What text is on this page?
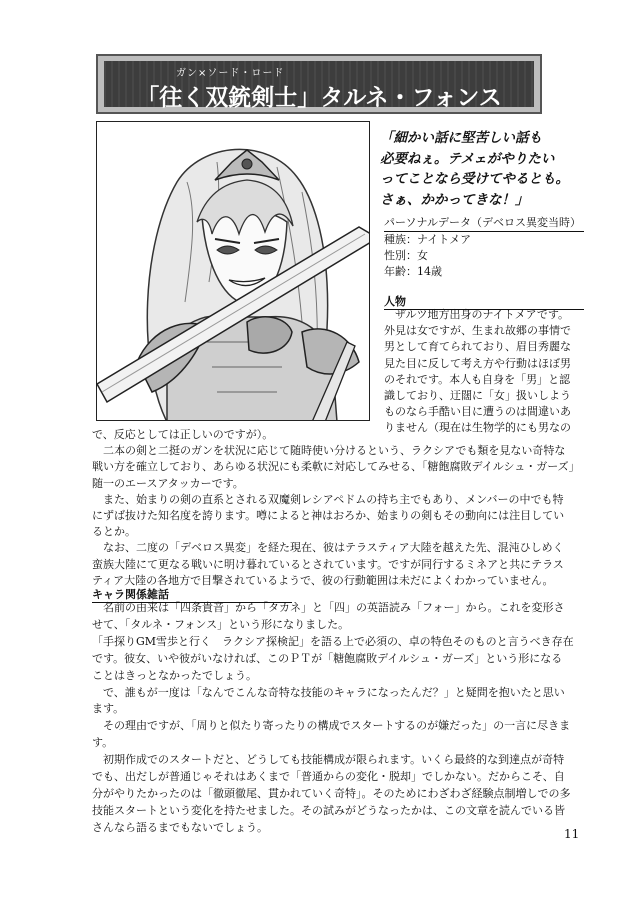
ガン×ソード・ロード
「往く双銃剣士」タルネ・フォンス
「細かい話に堅苦しい話も
必要ねぇ。テメェがやりたい
ってことなら受けてやるとも。
さぁ、かかってきな！」
パーソナルデータ（デベロス異変当時）
種族：ナイトメア
性別：女
年齢：14歳
人物
　ザルツ地方出身のナイトメアです。
外見は女ですが、生まれ故郷の事情で
男として育てられており、眉目秀麗な
見た目に反して考え方や行動はほぼ男
のそれです。本人も自身を「男」と認
識しており、迂闊に「女」扱いしよう
ものなら手酷い目に遭うのは間違いあ
りません（現在は生物学的にも男なの
で、反応としては正しいのですが）。
　二本の剣と二挺のガンを状況に応じて随時使い分けるという、ラクシアでも類を見ない奇特な
戦い方を確立しており、あらゆる状況にも柔軟に対応してみせる、「糖飽腐敗デイルシュ・ガーズ」
随一のエースアタッカーです。
　また、始まりの剣の直系とされる双魔剣レシアペドムの持ち主でもあり、メンバーの中でも特
にずば抜けた知名度を誇ります。噂によると神はおろか、始まりの剣もその動向には注目してい
るとか。
　なお、二度の「デベロス異変」を経た現在、彼はテラスティア大陸を越えた先、混沌ひしめく
蛮族大陸にて更なる戦いに明け暮れているとされています。ですが同行するミネアと共にテラス
ティア大陸の各地方で目撃されているようで、彼の行動範囲は未だによくわかっていません。
キャラ関係雑話
　名前の由来は「四条貴音」から「タカネ」と「四」の英語読み「フォー」から。これを変形さ
せて、「タルネ・フォンス」という形になりました。
「手探りGM雪歩と行く　ラクシア探検記」を語る上で必須の、卓の特色そのものと言うべき存在
です。彼女、いや彼がいなければ、このＰＴが「糖飽腐敗デイルシュ・ガーズ」という形になる
ことはきっとなかったでしょう。
　で、誰もが一度は「なんでこんな奇特な技能のキャラになったんだ？」と疑問を抱いたと思い
ます。
　その理由ですが、「周りと似たり寄ったりの構成でスタートするのが嫌だった」の一言に尽きま
す。
　初期作成でのスタートだと、どうしても技能構成が限られます。いくら最終的な到達点が奇特
でも、出だしが普通じゃそれはあくまで「普通からの変化・脱却」でしかない。だからこそ、自
分がやりたかったのは「徹頭徹尾、貫かれていく奇特」。そのためにわざわざ経験点制増しでの多
技能スタートという変化を持たせました。その試みがどうなったかは、この文章を読んでいる皆
さんなら語るまでもないでしょう。	11
